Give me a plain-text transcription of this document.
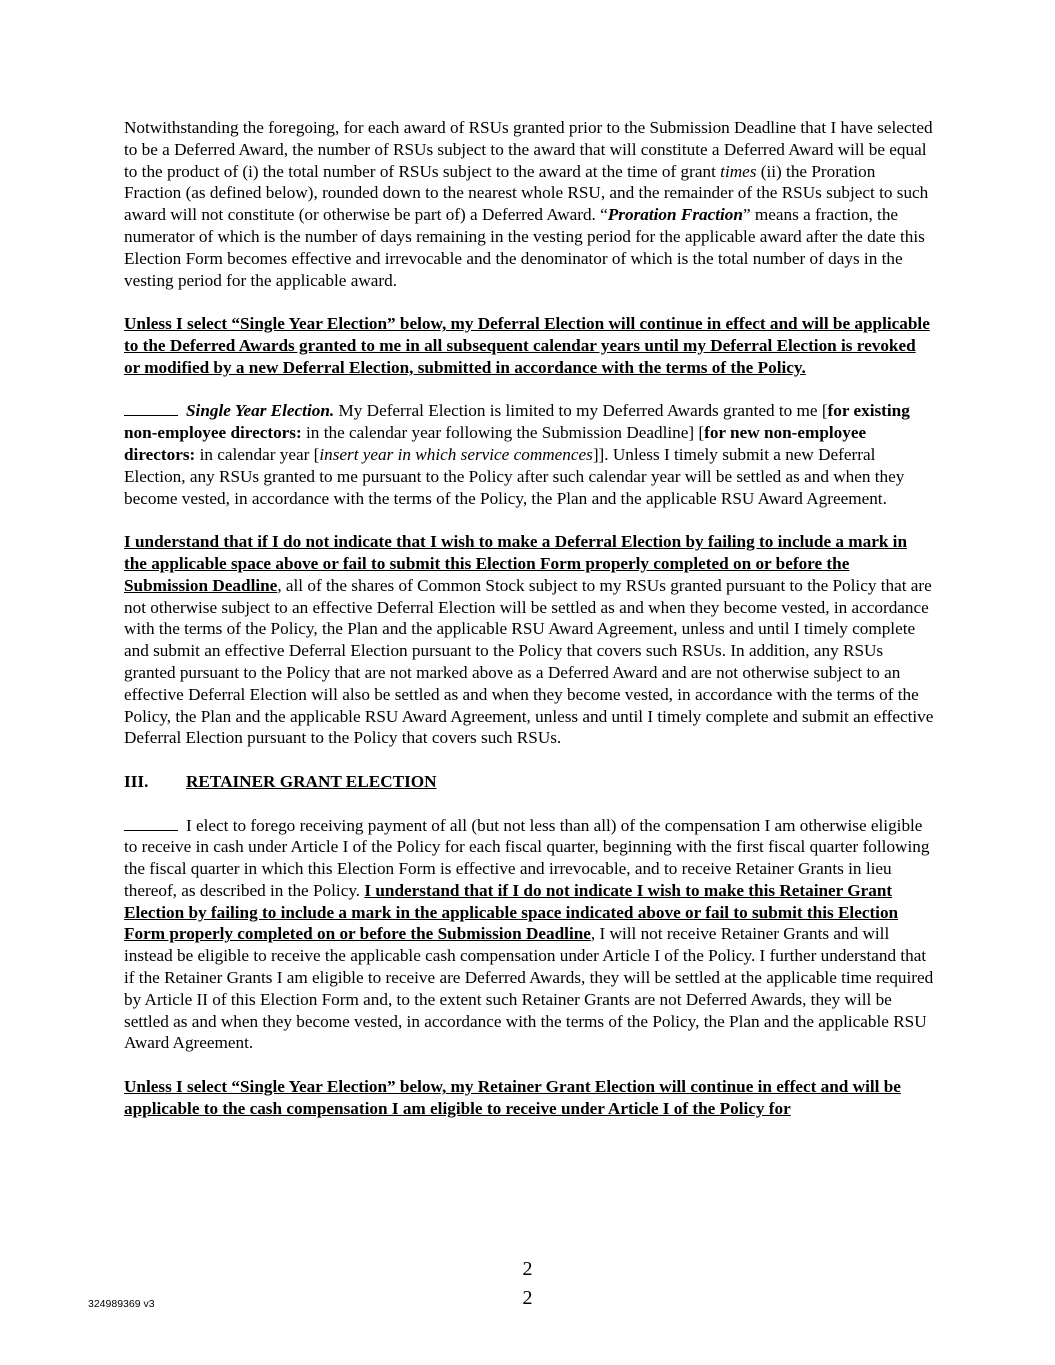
Notwithstanding the foregoing, for each award of RSUs granted prior to the Submission Deadline that I have selected to be a Deferred Award, the number of RSUs subject to the award that will constitute a Deferred Award will be equal to the product of (i) the total number of RSUs subject to the award at the time of grant times (ii) the Proration Fraction (as defined below), rounded down to the nearest whole RSU, and the remainder of the RSUs subject to such award will not constitute (or otherwise be part of) a Deferred Award. “Proration Fraction” means a fraction, the numerator of which is the number of days remaining in the vesting period for the applicable award after the date this Election Form becomes effective and irrevocable and the denominator of which is the total number of days in the vesting period for the applicable award.

Unless I select “Single Year Election” below, my Deferral Election will continue in effect and will be applicable to the Deferred Awards granted to me in all subsequent calendar years until my Deferral Election is revoked or modified by a new Deferral Election, submitted in accordance with the terms of the Policy.

Single Year Election. My Deferral Election is limited to my Deferred Awards granted to me [for existing non-employee directors: in the calendar year following the Submission Deadline] [for new non-employee directors: in calendar year [insert year in which service commences]]. Unless I timely submit a new Deferral Election, any RSUs granted to me pursuant to the Policy after such calendar year will be settled as and when they become vested, in accordance with the terms of the Policy, the Plan and the applicable RSU Award Agreement.

I understand that if I do not indicate that I wish to make a Deferral Election by failing to include a mark in the applicable space above or fail to submit this Election Form properly completed on or before the Submission Deadline, all of the shares of Common Stock subject to my RSUs granted pursuant to the Policy that are not otherwise subject to an effective Deferral Election will be settled as and when they become vested, in accordance with the terms of the Policy, the Plan and the applicable RSU Award Agreement, unless and until I timely complete and submit an effective Deferral Election pursuant to the Policy that covers such RSUs. In addition, any RSUs granted pursuant to the Policy that are not marked above as a Deferred Award and are not otherwise subject to an effective Deferral Election will also be settled as and when they become vested, in accordance with the terms of the Policy, the Plan and the applicable RSU Award Agreement, unless and until I timely complete and submit an effective Deferral Election pursuant to the Policy that covers such RSUs.

III. RETAINER GRANT ELECTION

I elect to forego receiving payment of all (but not less than all) of the compensation I am otherwise eligible to receive in cash under Article I of the Policy for each fiscal quarter, beginning with the first fiscal quarter following the fiscal quarter in which this Election Form is effective and irrevocable, and to receive Retainer Grants in lieu thereof, as described in the Policy. I understand that if I do not indicate I wish to make this Retainer Grant Election by failing to include a mark in the applicable space indicated above or fail to submit this Election Form properly completed on or before the Submission Deadline, I will not receive Retainer Grants and will instead be eligible to receive the applicable cash compensation under Article I of the Policy. I further understand that if the Retainer Grants I am eligible to receive are Deferred Awards, they will be settled at the applicable time required by Article II of this Election Form and, to the extent such Retainer Grants are not Deferred Awards, they will be settled as and when they become vested, in accordance with the terms of the Policy, the Plan and the applicable RSU Award Agreement.

Unless I select “Single Year Election” below, my Retainer Grant Election will continue in effect and will be applicable to the cash compensation I am eligible to receive under Article I of the Policy for

2
2
324989369 v3
